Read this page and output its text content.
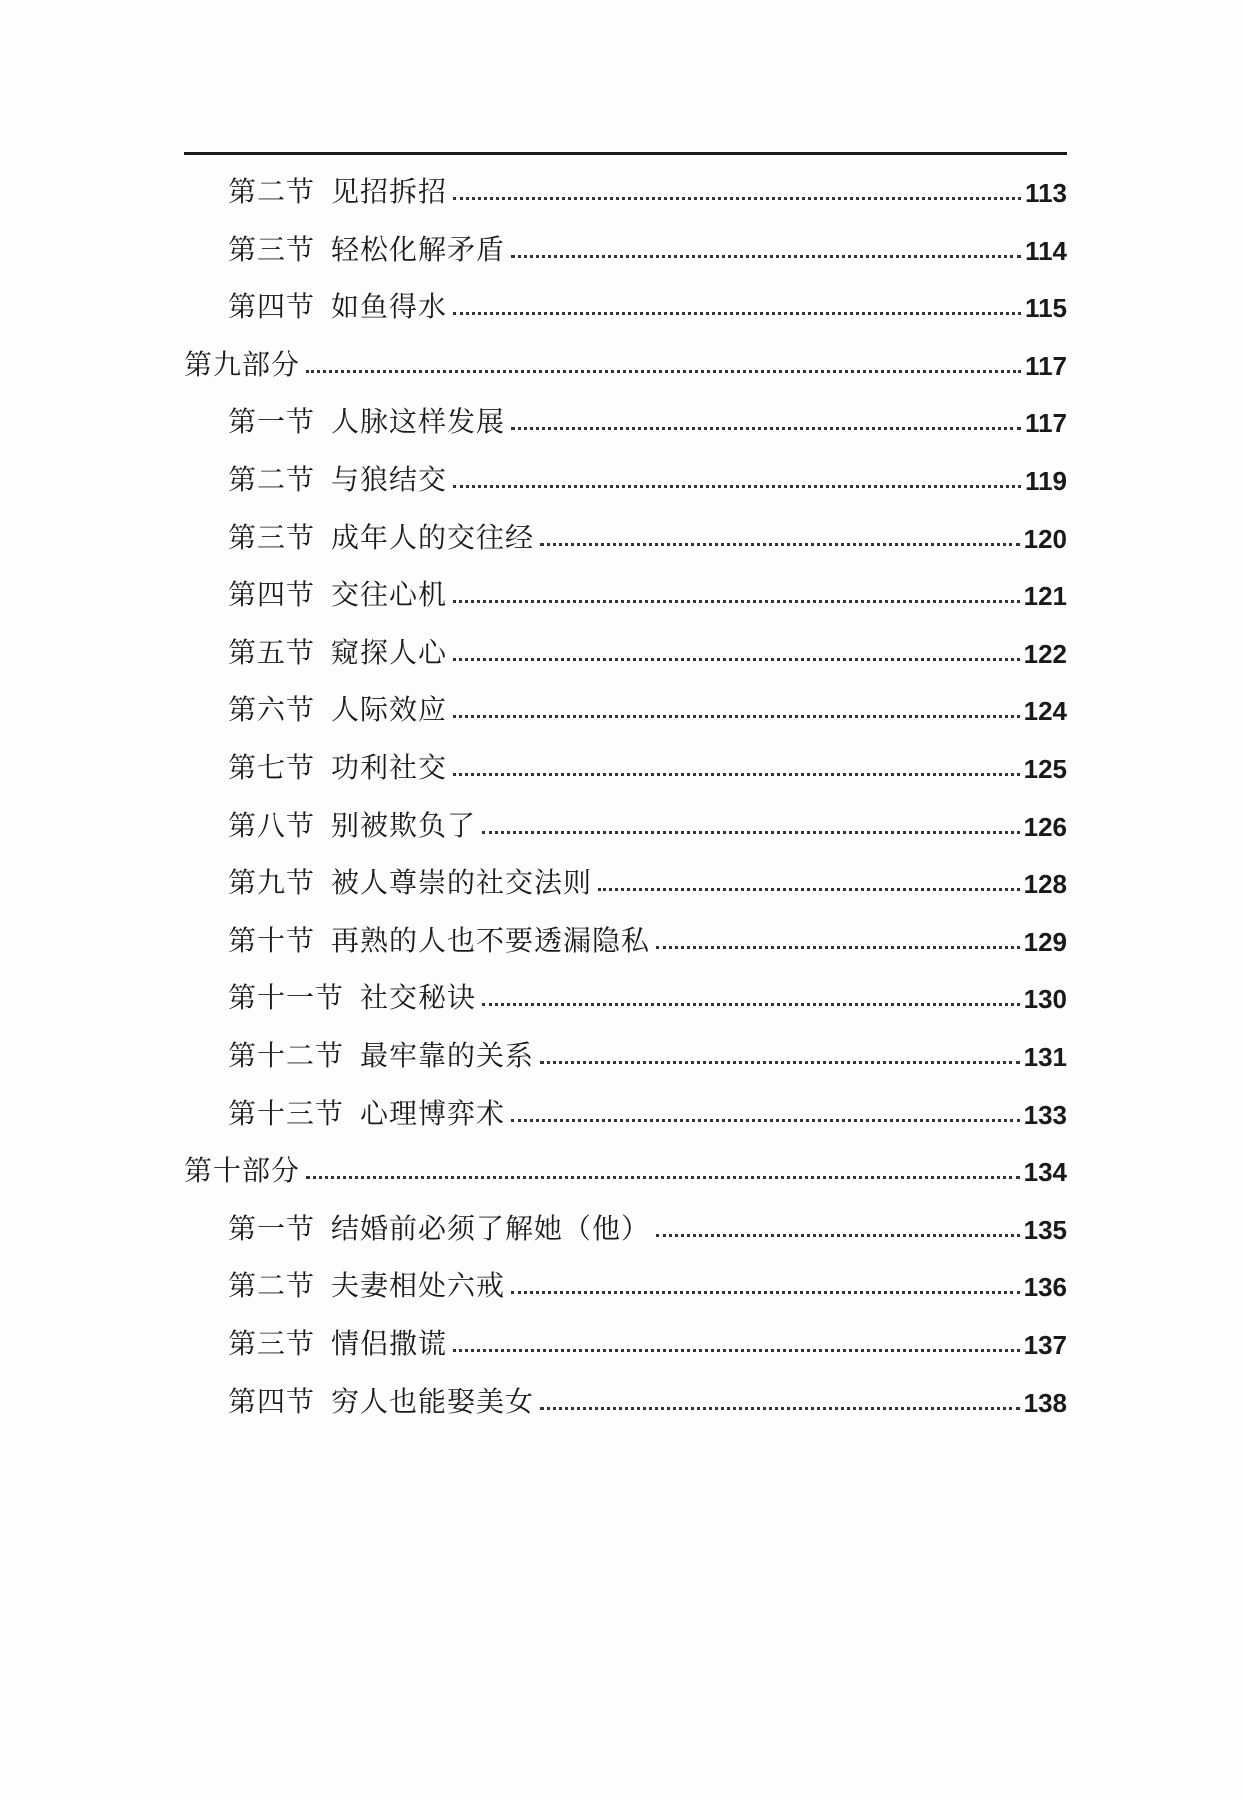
第二节 见招拆招	113
第三节 轻松化解矛盾	114
第四节 如鱼得水	115
第九部分	117
第一节 人脉这样发展	117
第二节 与狼结交	119
第三节 成年人的交往经	120
第四节 交往心机	121
第五节 窥探人心	122
第六节 人际效应	124
第七节 功利社交	125
第八节 别被欺负了	126
第九节 被人尊崇的社交法则	128
第十节 再熟的人也不要透漏隐私	129
第十一节 社交秘诀	130
第十二节 最牢靠的关系	131
第十三节 心理博弈术	133
第十部分	134
第一节 结婚前必须了解她（他）	135
第二节 夫妻相处六戒	136
第三节 情侣撒谎	137
第四节 穷人也能娶美女	138
